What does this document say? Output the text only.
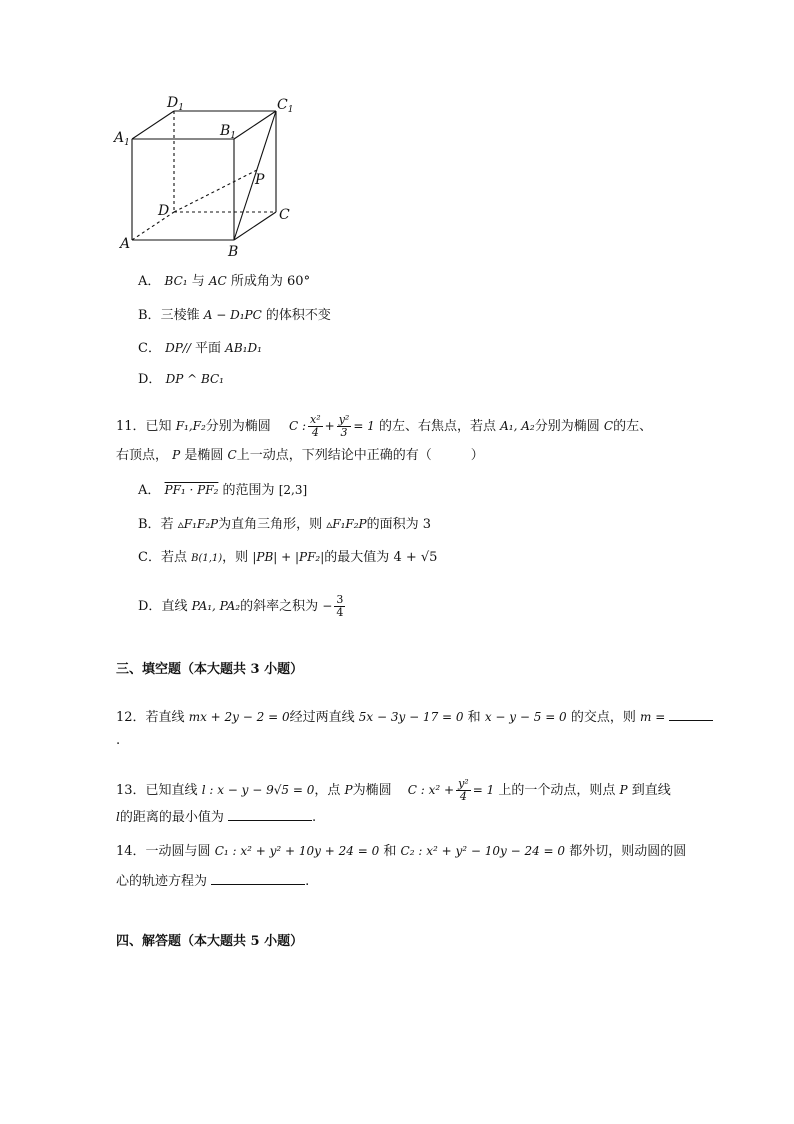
$D_1$	$C_1$
$A_1$
$B_1$
P
D	C
A	B
A． BC₁ 与 AC 所成角为 60°
B．三棱锥 A − D₁PC 的体积不变
C． DP// 平面 AB₁D₁
D． DP ^ BC₁
11．已知 F₁,F₂分别为椭圆 C : $\frac{\text{x²}}{4} + \frac{\text{y²}}{3} = 1$ 的左、右焦点，若点 A₁, A₂分别为椭圆 C的左、
右顶点， P 是椭圆 C上一动点，下列结论中正确的有（　　　）
A． PF₁ · PF₂ 的范围为 [2,3]
B．若 ▵F₁F₂P为直角三角形，则 ▵F₁F₂P的面积为 3
C．若点 B(1,1)，则 |PB| + |PF₂|的最大值为 4 + √5
D．直线 PA₁, PA₂的斜率之积为 − $\frac{3}{4}$
三、填空题（本大题共 3 小题）
12．若直线 mx + 2y − 2 = 0经过两直线 5x − 3y − 17 = 0 和 x − y − 5 = 0 的交点，则 m =
.
13．已知直线 l : x − y − 9√5 = 0，点 P为椭圆 C : $x^2 + \frac{\text{y²}}{4} = 1$ 上的一个动点，则点 P 到直线
l的距离的最小值为	.
14．一动圆与圆 C₁ : x² + y² + 10y + 24 = 0 和 C₂ : x² + y² − 10y − 24 = 0 都外切，则动圆的圆
心的轨迹方程为	.
四、解答题（本大题共 5 小题）
